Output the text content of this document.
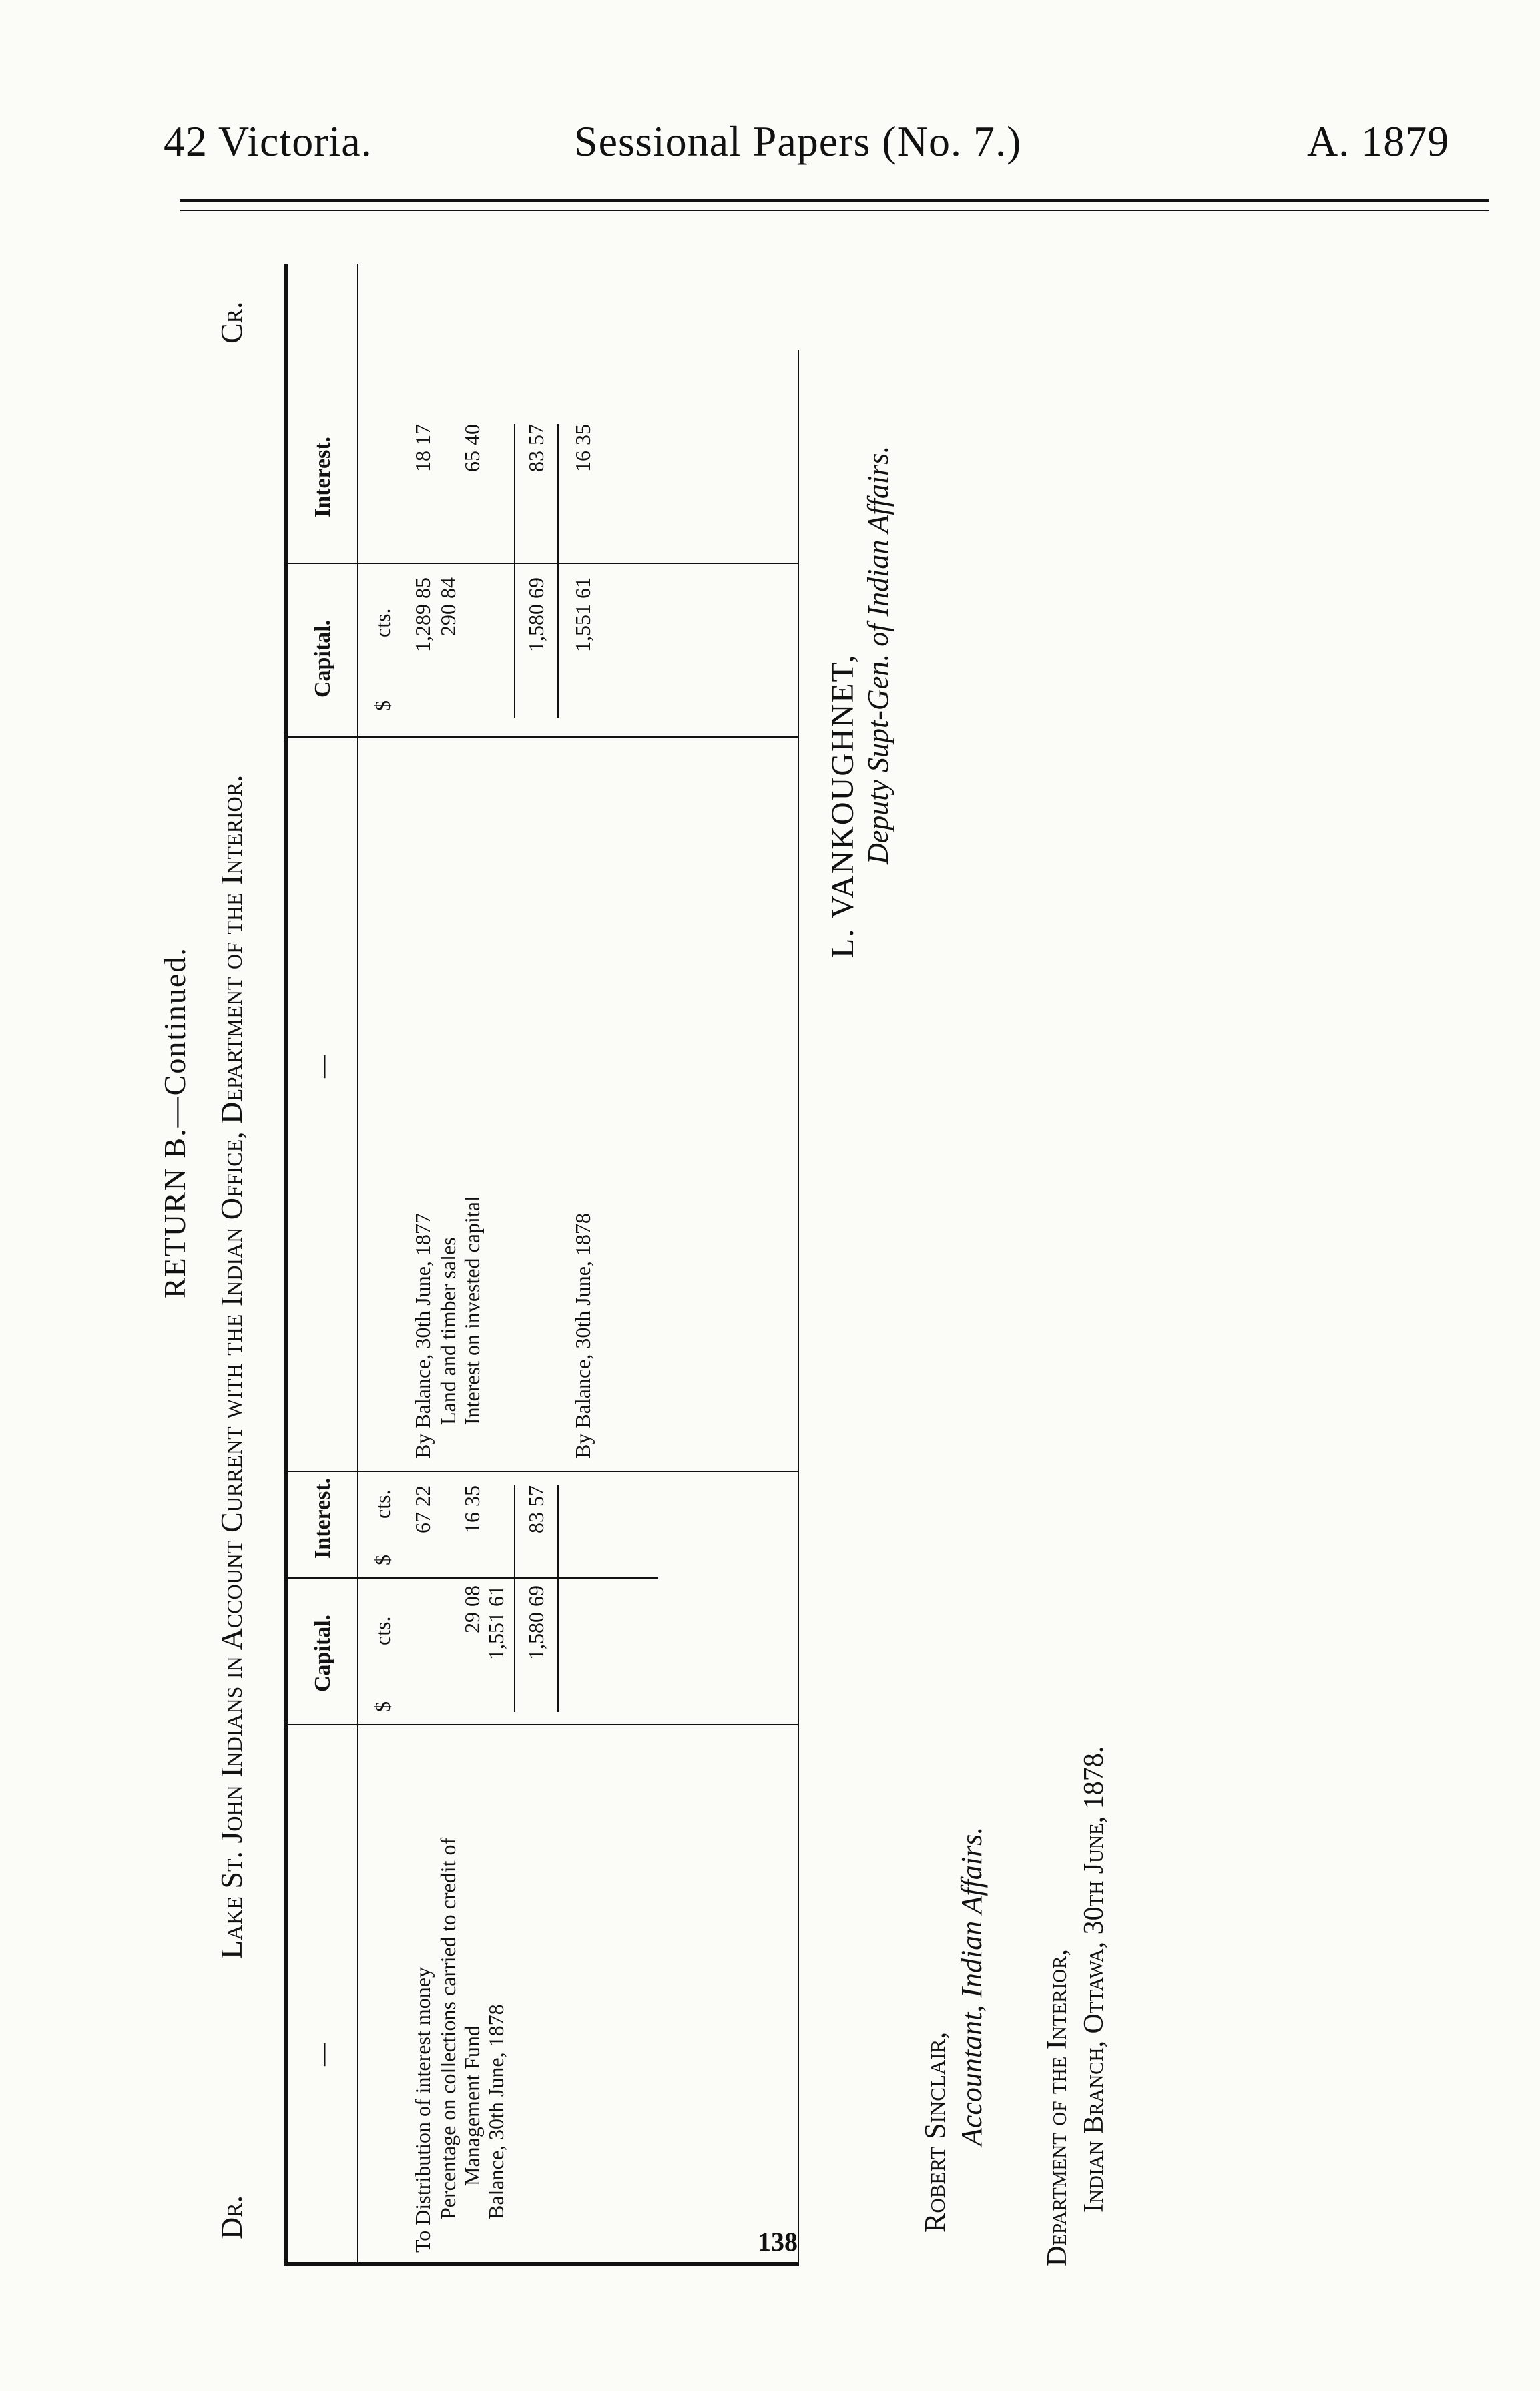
42 Victoria.	Sessional Papers (No. 7.)	A. 1879
RETURN B.—Continued.
Dr.
Lake St. John Indians in Account Current with the Indian Office, Department of the Interior.
Cr.
—
Capital.
Interest.
—
Capital.
Interest.
$
cts.
$
cts.
$
cts.
To Distribution of interest money
67 22
Percentage on collections carried to credit of Management Fund
29 08
16 35
Balance, 30th June, 1878
1,551 61 1,580 69
83 57
By Balance, 30th June, 1877
1,289 85
18 17
Land and timber sales
290 84
Interest on invested capital
65 40
1,580 69
83 57
By Balance, 30th June, 1878
1,551 61
16 35
L. VANKOUGHNET, Deputy Supt-Gen. of Indian Affairs.
Robert Sinclair, Accountant, Indian Affairs. Department of the Interior, Indian Branch, Ottawa, 30th June, 1878.
138
